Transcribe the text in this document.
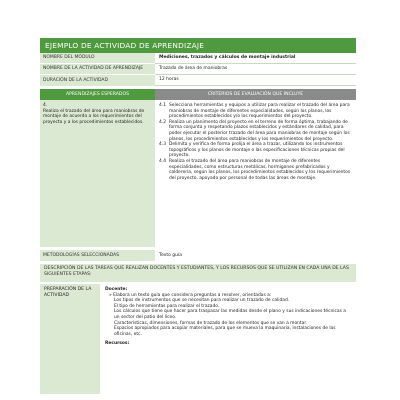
EJEMPLO DE ACTIVIDAD DE APRENDIZAJE
NOMBRE DEL MÓDULO	Mediciones, trazados y cálculos de montaje industrial
NOMBRE DE LA ACTIVIDAD DE APRENDIZAJE	Trazado de área de maniobras
DURACIÓN DE LA ACTIVIDAD	12 horas
APRENDIZAJES ESPERADOS	CRITERIOS DE EVALUACIÓN QUE INCLUYE
4.
Realiza el trazado del área para maniobras de montaje de acuerdo a los requerimientos del proyecto y a los procedimientos establecidos.
4.1 Selecciona herramientas y equipos a utilizar para realizar el trazado del área para maniobras de montaje de diferentes especialidades, según los planos, los procedimientos establecidos y/o los requerimientos del proyecto.
4.2 Realiza un planimento del proyecto en el terreno de forma óptima, trabajando de forma conjunta y respetando plazos establecidos y estándares de calidad, para poder ejecutar el posterior trazado del área para maniobras de montaje según los planos, los procedimientos establecidos y los requerimientos del proyecto.
4.3 Delimita y verifica de forma prolija el área a trazar, utilizando los instrumentos topográficos y los planos de montaje o las especificaciones técnicas propias del proyecto.
4.4 Realiza el trazado del área para maniobras de montaje de diferentes especialidades, como estructuras metálicas, hormigones prefabricados y calderería, según los planos, los procedimientos establecidos y los requerimientos del proyecto, apoyado por personal de todas las áreas de montaje.
METODOLOGÍAS SELECCIONADAS	Texto guía
DESCRIPCIÓN DE LAS TAREAS QUE REALIZAN DOCENTES Y ESTUDIANTES, Y LOS RECURSOS QUE SE UTILIZAN EN CADA UNA DE LAS SIGUIENTES ETAPAS:
PREPARACIÓN DE LA ACTIVIDAD
Docente:
» Elabora un texto guía que considera preguntas a resolver, orientadas a:
Los tipos de instrumentos que se necesitan para realizar un trazado de calidad.
El tipo de herramientas para realizar el trazado.
Los cálculos que tiene que hacer para traspasar las medidas desde el plano y sus indicaciones técnicas a un sector del patio del liceo.
Características, dimensiones, formas de trazado de los elementos que se van a montar.
Espacios apropiados para acopiar materiales, para que se mueva la maquinaria, instalaciones de las oficinas, etc.
Recursos:
